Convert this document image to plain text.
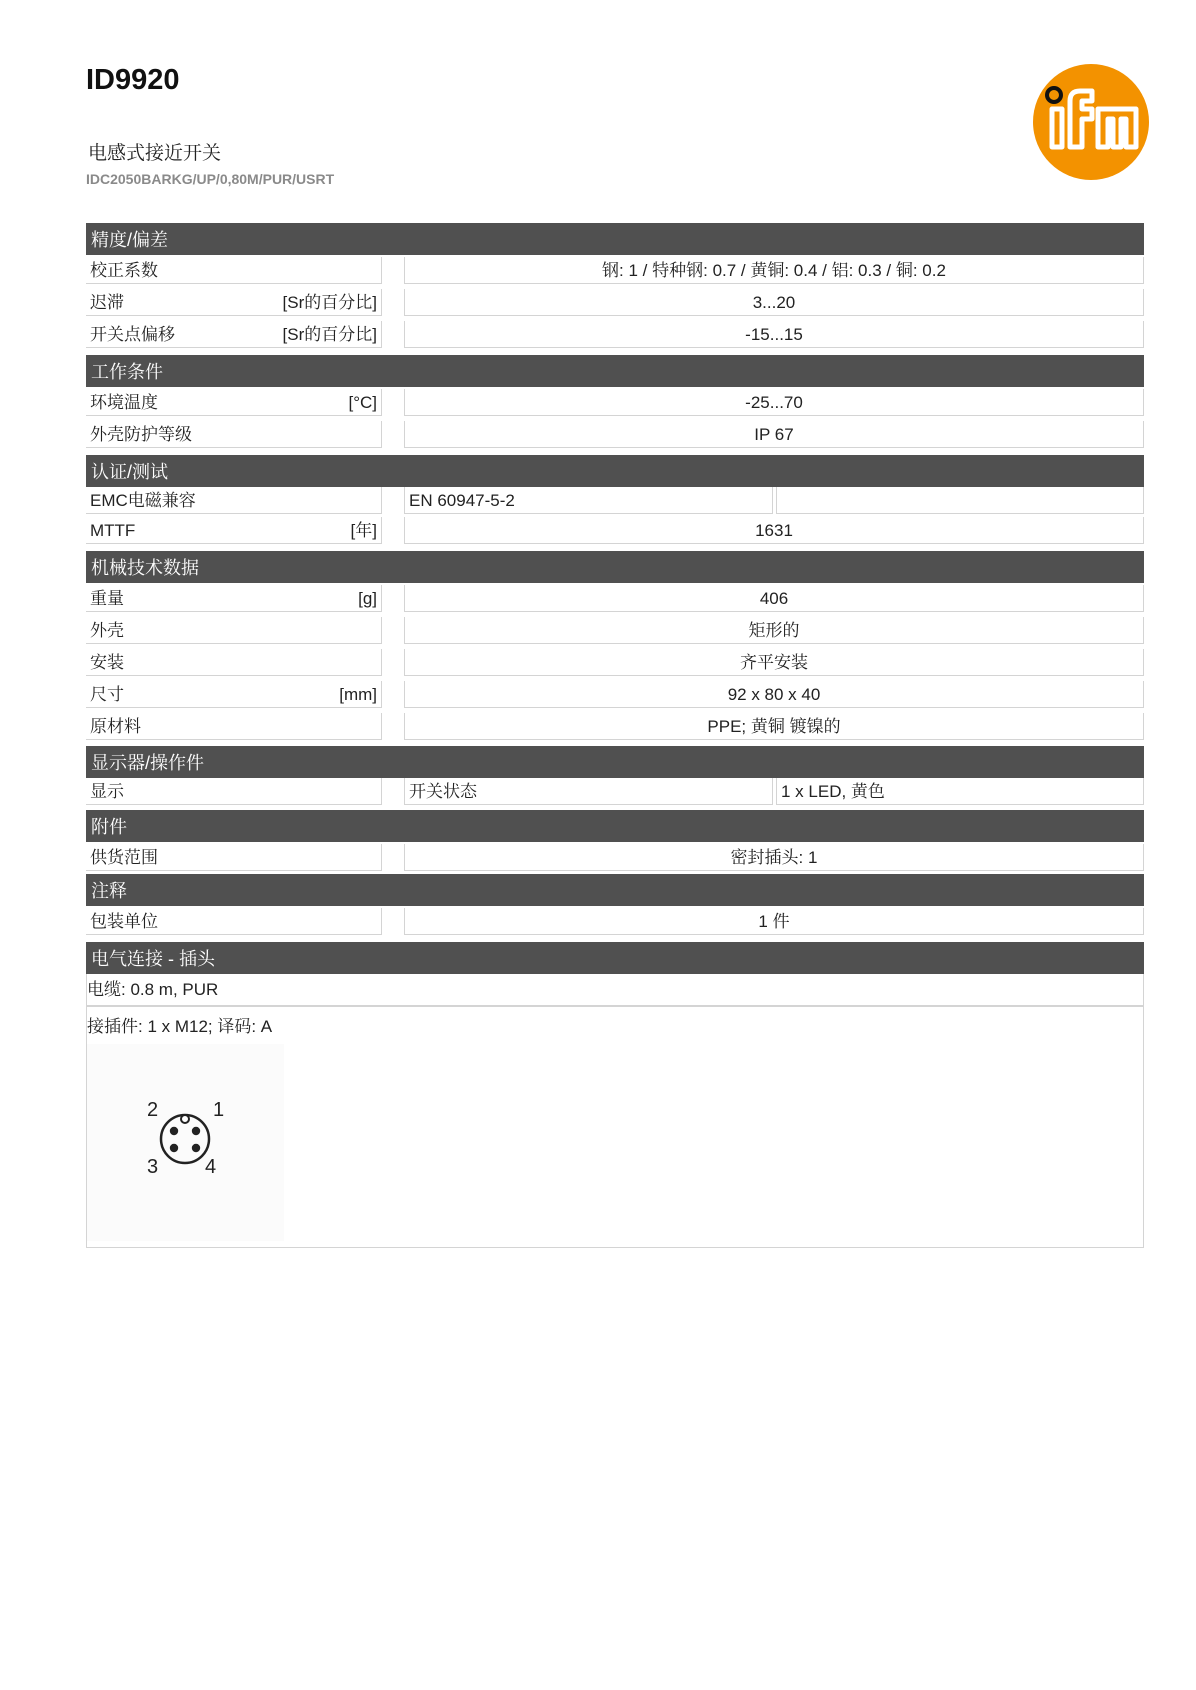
ID9920
电感式接近开关
IDC2050BARKG/UP/0,80M/PUR/USRT
精度/偏差
校正系数	钢: 1 / 特种钢: 0.7 / 黄铜: 0.4 / 铝: 0.3 / 铜: 0.2
迟滞	[Sr的百分比]	3...20
开关点偏移	[Sr的百分比]	-15...15
工作条件
环境温度	[°C]	-25...70
外壳防护等级	IP 67
认证/测试
EMC电磁兼容	EN 60947-5-2
MTTF	[年]	1631
机械技术数据
重量	[g]	406
外壳	矩形的
安装	齐平安装
尺寸	[mm]	92 x 80 x 40
原材料	PPE; 黄铜 镀镍的
显示器/操作件
显示	开关状态	1 x LED, 黄色
附件
供货范围	密封插头: 1
注释
包装单位	1 件
电气连接 - 插头
电缆: 0.8 m, PUR
接插件: 1 x M12; 译码: A
1
2
3 4
